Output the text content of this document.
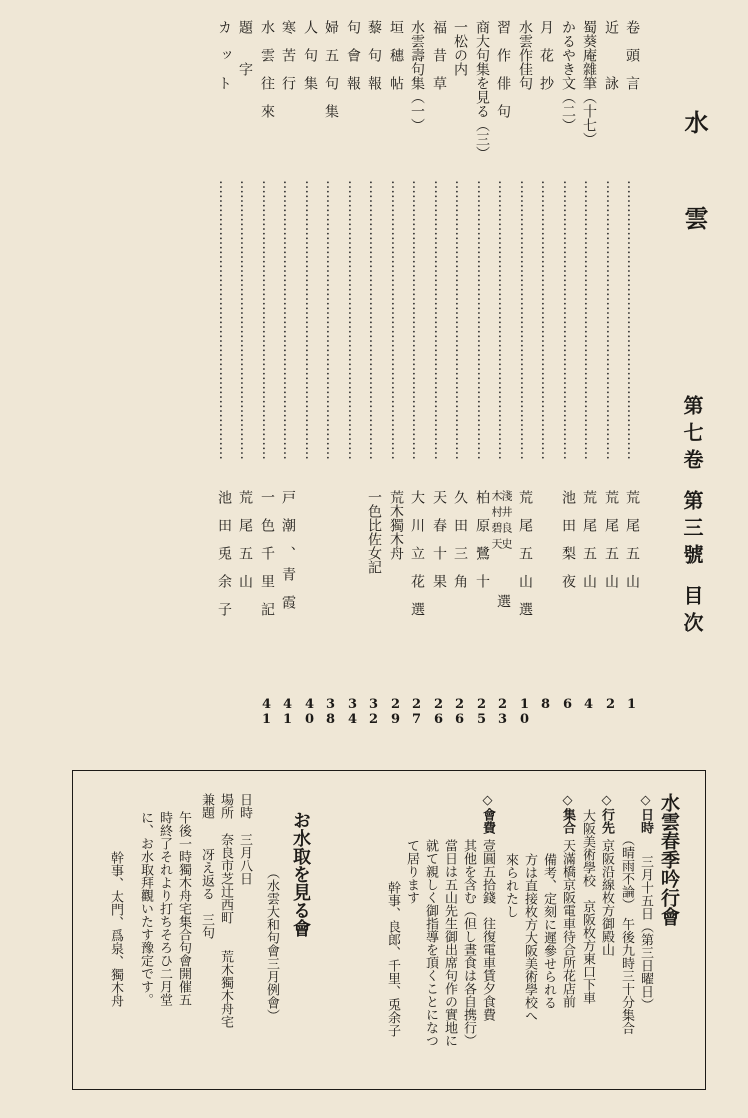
水　　　雲
第七卷 第三號 目次
卷　頭　言
……………………………………………………
荒　尾　五　山
1
近　　　詠
……………………………………………………
荒　尾　五　山
2
蜀葵庵雜筆（十七）
……………………………………………………
荒　尾　五　山
4
かるやき文（二）
……………………………………………………
池　田　梨　夜
6
月　花　抄
……………………………………………………
8
水雲作佳句
……………………………………………………
荒　尾　五　山　選
10
習　作　俳　句
……………………………………………………
淺井良史
木村碧天
選
23
商大句集を見る（三）
……………………………………………………
柏　原　鷺　十
25
一松の内
……………………………………………………
久　田　三　角
26
福　昔　草
……………………………………………………
天　春　十　果
26
水雲壽句集（一）
……………………………………………………
大　川　立　花　選
27
垣　穗　帖
……………………………………………………
荒木獨木舟
29
藜　句　報
……………………………………………………
一色比佐女記
32
句　會　報
……………………………………………………
34
婦　五　句　集
……………………………………………………
38
人　句　集
……………………………………………………
40
寒　苦　行
……………………………………………………
戸　潮　、　青　霞
41
水　雲　往　來
……………………………………………………
一　色　千　里　記
41
題　　字
……………………………………………………
荒　尾　五　山
カ　ッ　ト
……………………………………………………
池　田　兎　余　子
水雲春季吟行會
◇日時
三月十五日（第三日曜日）
（晴雨不論）　午後九時三十分集合
◇行先
京阪沿線枚方御殿山
大阪美術學校　京阪枚方東口下車
◇集合
天滿橋京阪電車待合所花店前
備考、定刻に遲參せられる
方は直接枚方大阪美術學校へ
來られたし
◇會費
壹圓五拾錢　往復電車賃夕食費
其他を含む（但し晝食は各自携行）
當日は五山先生御出席句作の實地に
就て親しく御指導を頂くことになつ
て居ります
幹事、良郎、千里、兎余子
お水取を見る會
（水雲大和句會三月例會）
日時
三月八日
場所
奈良市芝辻西町　　荒木獨木舟宅
兼題
冴え返る　三句
午後一時獨木舟宅集合句會開催五
時終了それより打ちそろひ二月堂
に、お水取拜觀いたす豫定です。
幹事、太門、爲泉、獨木舟
